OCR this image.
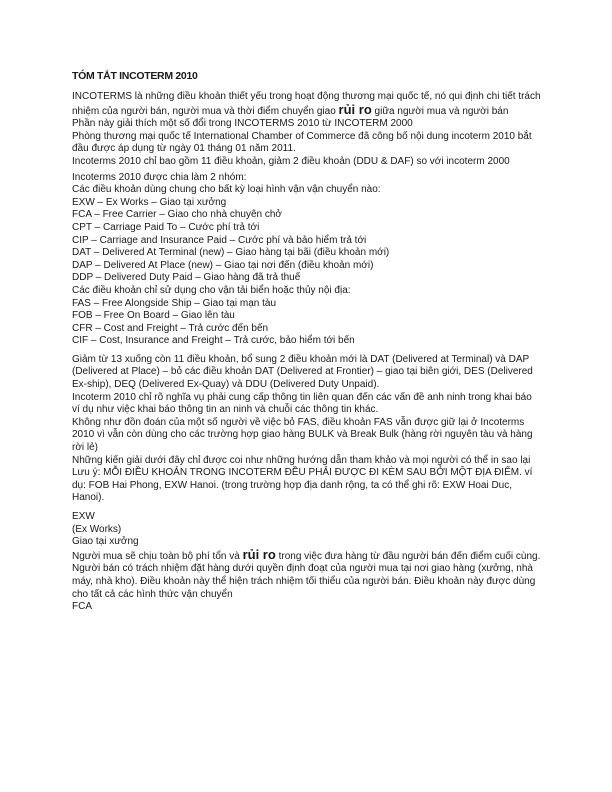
TÓM TẮT INCOTERM 2010
INCOTERMS là những điều khoản thiết yếu trong hoạt động thương mại quốc tế, nó qui định chi tiết trách nhiệm của người bán, người mua và thời điểm chuyển giao rủi ro giữa người mua và người bán
Phần này giải thích một số đổi trong INCOTERMS 2010 từ INCOTERM 2000
Phòng thương mại quốc tế International Chamber of Commerce đã công bố nội dung incoterm 2010 bắt đầu được áp dụng từ ngày 01 tháng 01 năm 2011.
Incoterms 2010 chỉ bao gồm 11 điều khoản, giảm 2 điều khoản (DDU & DAF) so với incoterm 2000
Incoterms 2010 được chia làm 2 nhóm:
Các điều khoản dùng chung cho bất kỳ loại hình vận vận chuyển nào:
EXW – Ex Works – Giao tại xưởng
FCA – Free Carrier – Giao cho nhà chuyên chở
CPT – Carriage Paid To – Cước phí trả tới
CIP – Carriage and Insurance Paid – Cước phí và bảo hiểm trả tới
DAT – Delivered At Terminal (new) – Giao hàng tại bãi (điều khoản mới)
DAP – Delivered At Place (new) – Giao tại nơi đến (điều khoản mới)
DDP – Delivered Duty Paid – Giao hàng đã trả thuế
Các điều khoản chỉ sử dụng cho vận tải biển hoặc thủy nội địa:
FAS – Free Alongside Ship – Giao tại mạn tàu
FOB – Free On Board – Giao lên tàu
CFR – Cost and Freight – Trả cước đến bến
CIF – Cost, Insurance and Freight – Trả cước, bảo hiểm tới bến
Giảm từ 13 xuống còn 11 điều khoản, bổ sung 2 điều khoản mới là DAT (Delivered at Terminal) và DAP (Delivered at Place) – bỏ các điều khoản DAT (Delivered at Frontier) – giao tại biên giới, DES (Delivered Ex-ship), DEQ (Delivered Ex-Quay) và DDU (Delivered Duty Unpaid).
Incoterm 2010 chỉ rõ nghĩa vụ phải cung cấp thông tin liên quan đến các vấn đề anh ninh trong khai báo ví dụ như việc khai báo thông tin an ninh và chuỗi các thông tin khác.
Không như đồn đoán của một số người về việc bỏ FAS, điều khoản FAS vẫn được giữ lại ở Incoterms 2010 vì vẫn còn dùng cho các trường hợp giao hàng BULK và Break Bulk (hàng rời nguyên tàu và hàng rời lẻ)
Những kiến giải dưới đây chỉ được coi như những hướng dẫn tham khảo và mọi người có thể in sao lại
Lưu ý: MỖI ĐIỀU KHOẢN TRONG INCOTERM ĐỀU PHẢI ĐƯỢC ĐI KÈM SAU BỞI MỘT ĐỊA ĐIỂM. ví dụ: FOB Hai Phong, EXW Hanoi. (trong trường hợp địa danh rộng, ta có thể ghi rõ: EXW Hoai Duc, Hanoi).
EXW
(Ex Works)
Giao tại xưởng
Người mua sẽ chịu toàn bộ phí tổn và rủi ro trong việc đưa hàng từ đầu người bán đến điểm cuối cùng. Người bán có trách nhiệm đặt hàng dưới quyền định đoạt của người mua tại nơi giao hàng (xưởng, nhà máy, nhà kho). Điều khoản này thể hiện trách nhiệm tối thiểu của người bán. Điều khoản này được dùng cho tất cả các hình thức vận chuyển
FCA
